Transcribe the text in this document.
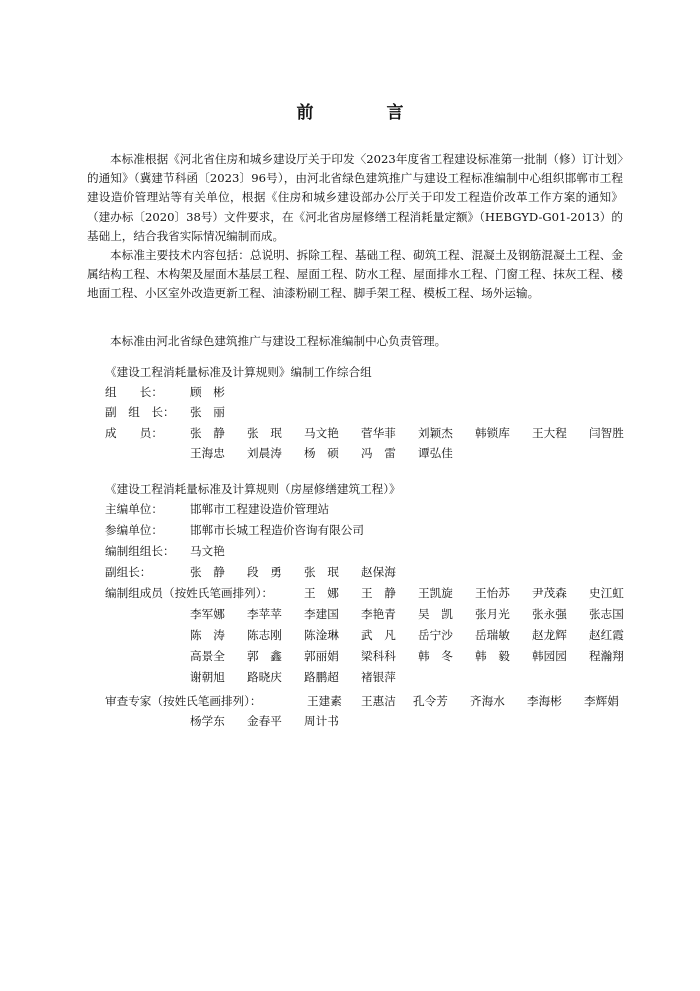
前　言

本标准根据《河北省住房和城乡建设厅关于印发〈2023年度省工程建设标准第一批制（修）订计划〉的通知》（冀建节科函〔2023〕96号），由河北省绿色建筑推广与建设工程标准编制中心组织邯郸市工程建设造价管理站等有关单位，根据《住房和城乡建设部办公厅关于印发工程造价改革工作方案的通知》（建办标〔2020〕38号）文件要求，在《河北省房屋修缮工程消耗量定额》（HEBGYD-G01-2013）的基础上，结合我省实际情况编制而成。

本标准主要技术内容包括：总说明、拆除工程、基础工程、砌筑工程、混凝土及钢筋混凝土工程、金属结构工程、木构架及屋面木基层工程、屋面工程、防水工程、屋面排水工程、门窗工程、抹灰工程、楼地面工程、小区室外改造更新工程、油漆粉刷工程、脚手架工程、模板工程、场外运输。

本标准由河北省绿色建筑推广与建设工程标准编制中心负责管理。

《建设工程消耗量标准及计算规则》编制工作综合组
组　　长： 顾　彬
副　组　长： 张　丽
成　　员： 张　静 张　珉 马文艳 菅华菲 刘颖杰 韩锁库 王大程 闫智胜
王海忠 刘晨涛 杨　硕 冯　雷 谭弘佳
《建设工程消耗量标准及计算规则（房屋修缮建筑工程）》
主编单位： 邯郸市工程建设造价管理站
参编单位： 邯郸市长城工程造价咨询有限公司
编制组组长： 马文艳
副组长：	张　静 段　勇 张　珉 赵保海
编制组成员（按姓氏笔画排列）：	王　娜 王　静 王凯旋 王怡苏 尹茂森 史江虹
李军娜 李苹苹 李建国 李艳青 吴　凯 张月光 张永强 张志国
陈　涛 陈志刚 陈淦琳 武　凡 岳宁沙 岳瑞敏 赵龙辉 赵红霞
高景全 郭　鑫 郭丽娟 梁科科 韩　冬 韩　毅 韩园园 程瀚翔
谢朝旭 路晓庆 路鹏超 褚银萍
审查专家（按姓氏笔画排列）：	王建素 王惠洁 孔令芳 齐海水 李海彬 李辉娟
杨学东 金春平 周计书
